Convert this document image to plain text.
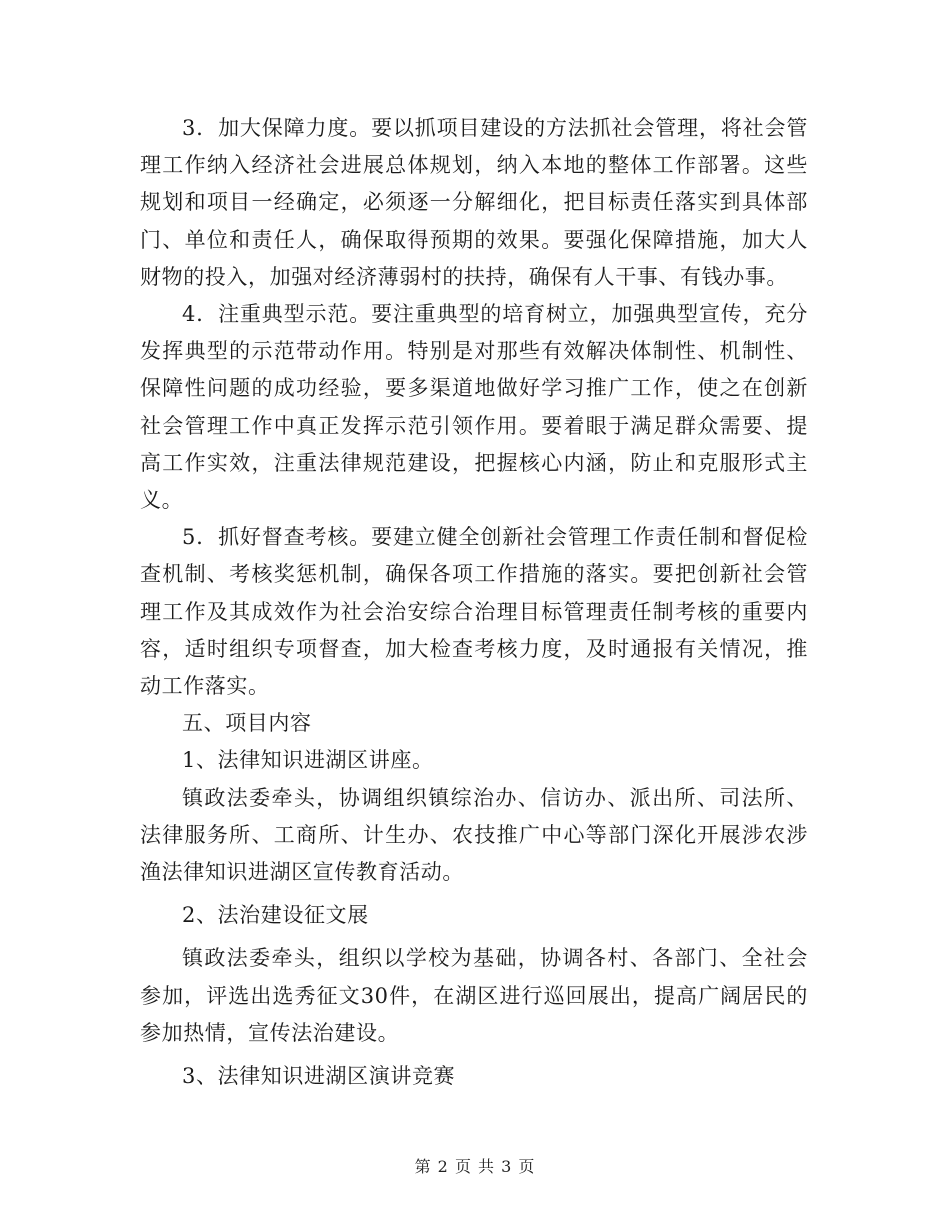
3．加大保障力度。要以抓项目建设的方法抓社会管理，将社会管理工作纳入经济社会进展总体规划，纳入本地的整体工作部署。这些规划和项目一经确定，必须逐一分解细化，把目标责任落实到具体部门、单位和责任人，确保取得预期的效果。要强化保障措施，加大人财物的投入，加强对经济薄弱村的扶持，确保有人干事、有钱办事。

4．注重典型示范。要注重典型的培育树立，加强典型宣传，充分发挥典型的示范带动作用。特别是对那些有效解决体制性、机制性、保障性问题的成功经验，要多渠道地做好学习推广工作，使之在创新社会管理工作中真正发挥示范引领作用。要着眼于满足群众需要、提高工作实效，注重法律规范建设，把握核心内涵，防止和克服形式主义。

5．抓好督查考核。要建立健全创新社会管理工作责任制和督促检查机制、考核奖惩机制，确保各项工作措施的落实。要把创新社会管理工作及其成效作为社会治安综合治理目标管理责任制考核的重要内容，适时组织专项督查，加大检查考核力度，及时通报有关情况，推动工作落实。

五、项目内容

1、法律知识进湖区讲座。

镇政法委牵头，协调组织镇综治办、信访办、派出所、司法所、法律服务所、工商所、计生办、农技推广中心等部门深化开展涉农涉渔法律知识进湖区宣传教育活动。

2、法治建设征文展

镇政法委牵头，组织以学校为基础，协调各村、各部门、全社会参加，评选出选秀征文30件，在湖区进行巡回展出，提高广阔居民的参加热情，宣传法治建设。

3、法律知识进湖区演讲竞赛

第 2 页 共 3 页
